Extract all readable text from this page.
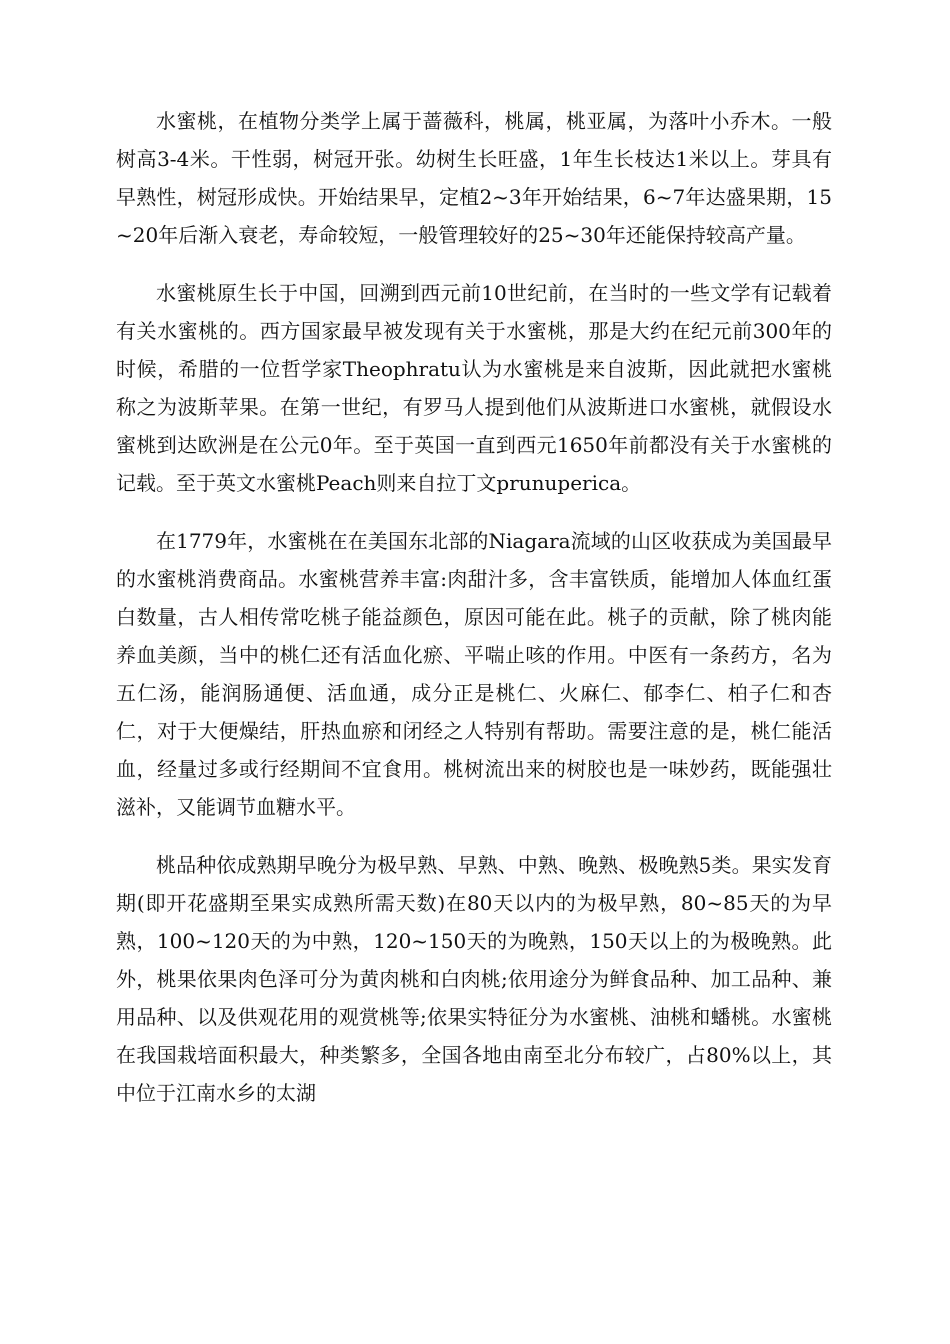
水蜜桃，在植物分类学上属于蔷薇科，桃属，桃亚属，为落叶小乔木。一般树高3-4米。干性弱，树冠开张。幼树生长旺盛，1年生长枝达1米以上。芽具有早熟性，树冠形成快。开始结果早，定植2~3年开始结果，6~7年达盛果期，15~20年后渐入衰老，寿命较短，一般管理较好的25~30年还能保持较高产量。

水蜜桃原生长于中国，回溯到西元前10世纪前，在当时的一些文学有记载着有关水蜜桃的。西方国家最早被发现有关于水蜜桃，那是大约在纪元前300年的时候，希腊的一位哲学家Theophratu认为水蜜桃是来自波斯，因此就把水蜜桃称之为波斯苹果。在第一世纪，有罗马人提到他们从波斯进口水蜜桃，就假设水蜜桃到达欧洲是在公元0年。至于英国一直到西元1650年前都没有关于水蜜桃的记载。至于英文水蜜桃Peach则来自拉丁文prunuperica。

在1779年，水蜜桃在在美国东北部的Niagara流域的山区收获成为美国最早的水蜜桃消费商品。水蜜桃营养丰富:肉甜汁多，含丰富铁质，能增加人体血红蛋白数量，古人相传常吃桃子能益颜色，原因可能在此。桃子的贡献，除了桃肉能养血美颜，当中的桃仁还有活血化瘀、平喘止咳的作用。中医有一条药方，名为五仁汤，能润肠通便、活血通，成分正是桃仁、火麻仁、郁李仁、柏子仁和杏仁，对于大便燥结，肝热血瘀和闭经之人特别有帮助。需要注意的是，桃仁能活血，经量过多或行经期间不宜食用。桃树流出来的树胶也是一味妙药，既能强壮滋补，又能调节血糖水平。

桃品种依成熟期早晚分为极早熟、早熟、中熟、晚熟、极晚熟5类。果实发育期(即开花盛期至果实成熟所需天数)在80天以内的为极早熟，80~85天的为早熟，100~120天的为中熟，120~150天的为晚熟，150天以上的为极晚熟。此外，桃果依果肉色泽可分为黄肉桃和白肉桃;依用途分为鲜食品种、加工品种、兼用品种、以及供观花用的观赏桃等;依果实特征分为水蜜桃、油桃和蟠桃。水蜜桃在我国栽培面积最大，种类繁多，全国各地由南至北分布较广，占80%以上，其中位于江南水乡的太湖
